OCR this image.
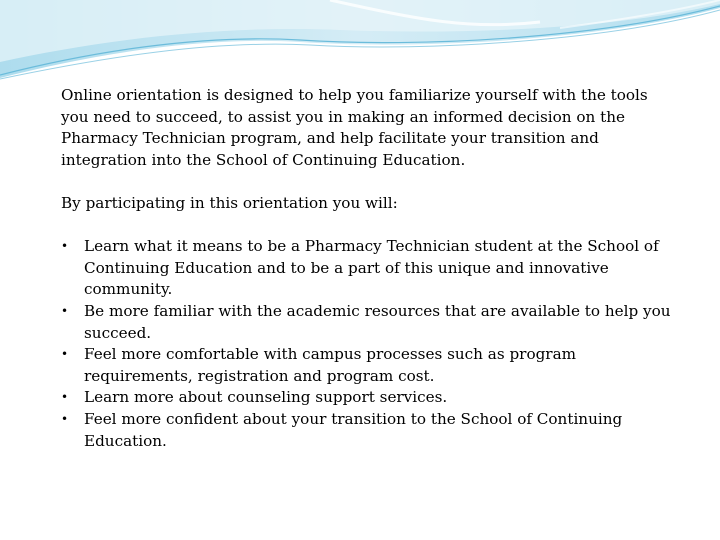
Online orientation is designed to help you familiarize yourself with the tools you need to succeed, to assist you in making an informed decision on the Pharmacy Technician program, and help facilitate your transition and integration into the School of Continuing Education.

By participating in this orientation you will:

• Learn what it means to be a Pharmacy Technician student at the School of Continuing Education and to be a part of this unique and innovative community.
• Be more familiar with the academic resources that are available to help you succeed.
• Feel more comfortable with campus processes such as program requirements, registration and program cost.
• Learn more about counseling support services.
• Feel more confident about your transition to the School of Continuing Education.
